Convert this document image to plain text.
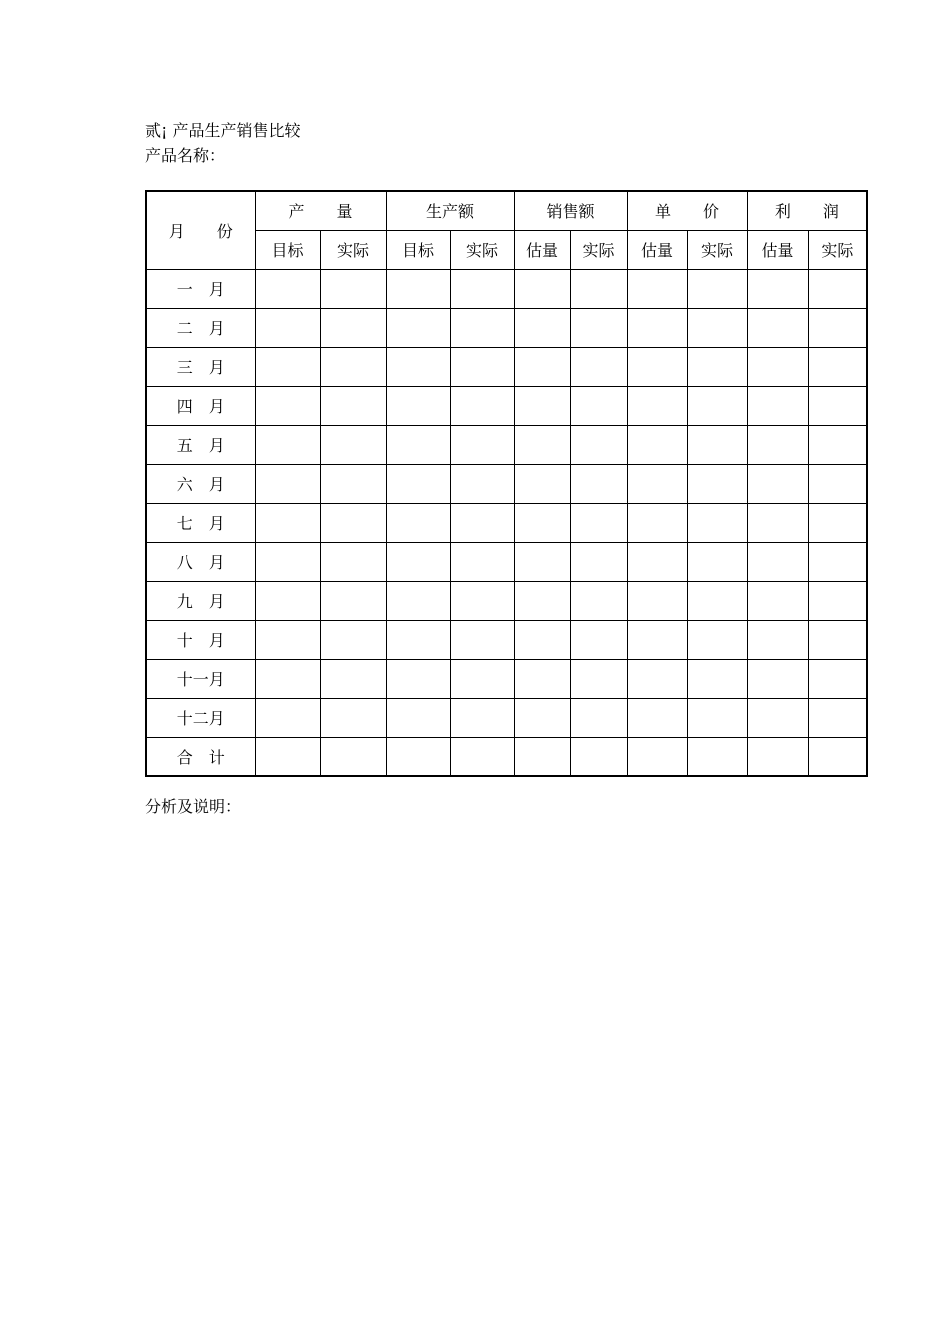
贰¡ 产品生产销售比较
产品名称：
月　　份	产　　量		生产额		销售额		单　　价		利　　润	
	目标	实际	目标	实际	估量	实际	估量	实际	估量	实际
一　月										
二　月										
三　月										
四　月										
五　月										
六　月										
七　月										
八　月										
九　月										
十　月										
十一月										
十二月										
合　计										
分析及说明：
